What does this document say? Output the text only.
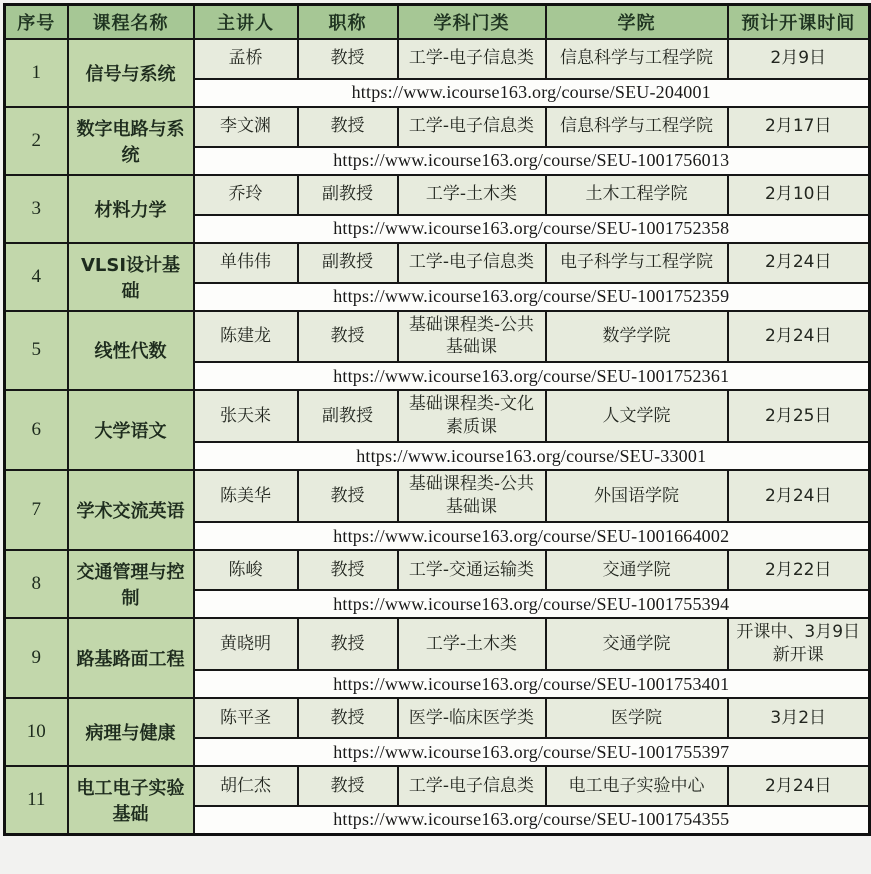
序号	课程名称	主讲人	职称	学科门类	学院	预计开课时间
1	信号与系统	孟桥	教授	工学-电子信息类	信息科学与工程学院	2月9日
		https://www.icourse163.org/course/SEU-204001				
2	数字电路与系统	李文渊	教授	工学-电子信息类	信息科学与工程学院	2月17日
		https://www.icourse163.org/course/SEU-1001756013				
3	材料力学	乔玲	副教授	工学-土木类	土木工程学院	2月10日
		https://www.icourse163.org/course/SEU-1001752358				
4	VLSI设计基础	单伟伟	副教授	工学-电子信息类	电子科学与工程学院	2月24日
		https://www.icourse163.org/course/SEU-1001752359				
5	线性代数	陈建龙	教授	基础课程类-公共基础课	数学学院	2月24日
		https://www.icourse163.org/course/SEU-1001752361				
6	大学语文	张天来	副教授	基础课程类-文化素质课	人文学院	2月25日
		https://www.icourse163.org/course/SEU-33001				
7	学术交流英语	陈美华	教授	基础课程类-公共基础课	外国语学院	2月24日
		https://www.icourse163.org/course/SEU-1001664002				
8	交通管理与控制	陈峻	教授	工学-交通运输类	交通学院	2月22日
		https://www.icourse163.org/course/SEU-1001755394				
9	路基路面工程	黄晓明	教授	工学-土木类	交通学院	开课中、3月9日新开课
		https://www.icourse163.org/course/SEU-1001753401				
10	病理与健康	陈平圣	教授	医学-临床医学类	医学院	3月2日
		https://www.icourse163.org/course/SEU-1001755397				
11	电工电子实验基础	胡仁杰	教授	工学-电子信息类	电工电子实验中心	2月24日
		https://www.icourse163.org/course/SEU-1001754355				
